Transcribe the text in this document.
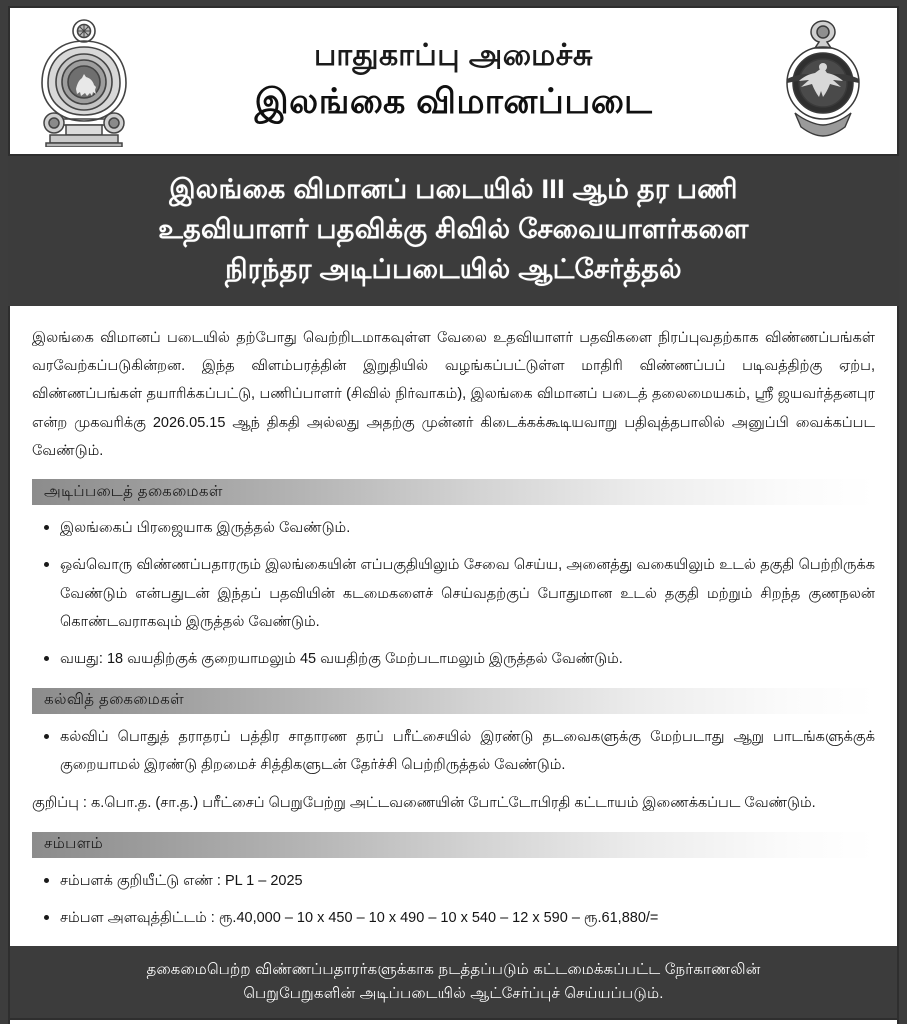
பாதுகாப்பு அமைச்சு
இலங்கை விமானப்படை
இலங்கை விமானப் படையில் III ஆம் தர பணி
உதவியாளர் பதவிக்கு சிவில் சேவையாளர்களை
நிரந்தர அடிப்படையில் ஆட்சேர்த்தல்

இலங்கை விமானப் படையில் தற்போது வெற்றிடமாகவுள்ள வேலை உதவியாளர் பதவிகளை நிரப்புவதற்காக விண்ணப்பங்கள் வரவேற்கப்படுகின்றன. இந்த விளம்பரத்தின் இறுதியில் வழங்கப்பட்டுள்ள மாதிரி விண்ணப்பப் படிவத்திற்கு ஏற்ப, விண்ணப்பங்கள் தயாரிக்கப்பட்டு, பணிப்பாளர் (சிவில் நிர்வாகம்), இலங்கை விமானப் படைத் தலைமையகம், ஸ்ரீ ஜயவர்த்தனபுர என்ற முகவரிக்கு 2026.05.15 ஆந் திகதி அல்லது அதற்கு முன்னர் கிடைக்கக்கூடியவாறு பதிவுத்தபாலில் அனுப்பி வைக்கப்பட வேண்டும்.

அடிப்படைத் தகைமைகள்
இலங்கைப் பிரஜையாக இருத்தல் வேண்டும்.
ஒவ்வொரு விண்ணப்பதாரரும் இலங்கையின் எப்பகுதியிலும் சேவை செய்ய, அனைத்து வகையிலும் உடல் தகுதி பெற்றிருக்க வேண்டும் என்பதுடன் இந்தப் பதவியின் கடமைகளைச் செய்வதற்குப் போதுமான உடல் தகுதி மற்றும் சிறந்த குணநலன் கொண்டவராகவும் இருத்தல் வேண்டும்.
வயது: 18 வயதிற்குக் குறையாமலும் 45 வயதிற்கு மேற்படாமலும் இருத்தல் வேண்டும்.
கல்வித் தகைமைகள்
கல்விப் பொதுத் தராதரப் பத்திர சாதாரண தரப் பரீட்சையில் இரண்டு தடவைகளுக்கு மேற்படாது ஆறு பாடங்களுக்குக் குறையாமல் இரண்டு திறமைச் சித்திகளுடன் தேர்ச்சி பெற்றிருத்தல் வேண்டும்.

குறிப்பு : க.பொ.த. (சா.த.) பரீட்சைப் பெறுபேற்று அட்டவணையின் போட்டோபிரதி கட்டாயம் இணைக்கப்பட வேண்டும்.

சம்பளம்
சம்பளக் குறியீட்டு எண் : PL 1 – 2025
சம்பள அளவுத்திட்டம் : ரூ.40,000 – 10 x 450 – 10 x 490 – 10 x 540 – 12 x 590 – ரூ.61,880/=
தகைமைபெற்ற விண்ணப்பதாரர்களுக்காக நடத்தப்படும் கட்டமைக்கப்பட்ட நேர்காணலின்
பெறுபேறுகளின் அடிப்படையில் ஆட்சேர்ப்புச் செய்யப்படும்.
